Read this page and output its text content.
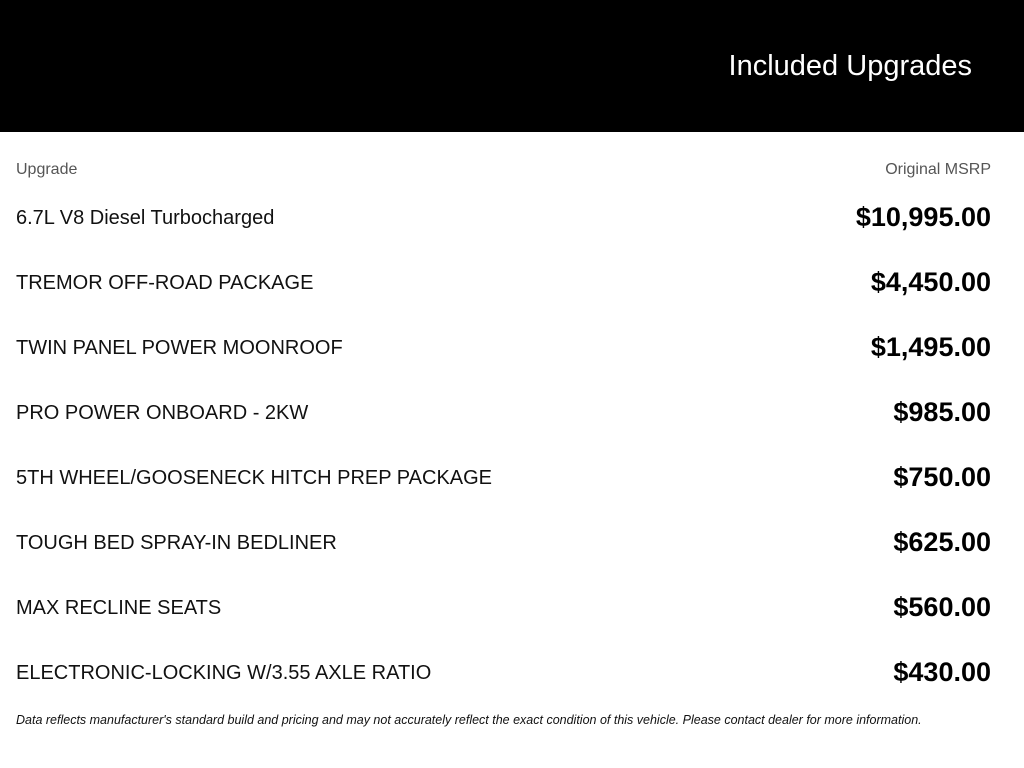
Included Upgrades
Upgrade	Original MSRP
6.7L V8 Diesel Turbocharged	$10,995.00
TREMOR OFF-ROAD PACKAGE	$4,450.00
TWIN PANEL POWER MOONROOF	$1,495.00
PRO POWER ONBOARD - 2KW	$985.00
5TH WHEEL/GOOSENECK HITCH PREP PACKAGE	$750.00
TOUGH BED SPRAY-IN BEDLINER	$625.00
MAX RECLINE SEATS	$560.00
ELECTRONIC-LOCKING W/3.55 AXLE RATIO	$430.00
Data reflects manufacturer's standard build and pricing and may not accurately reflect the exact condition of this vehicle. Please contact dealer for more information.
